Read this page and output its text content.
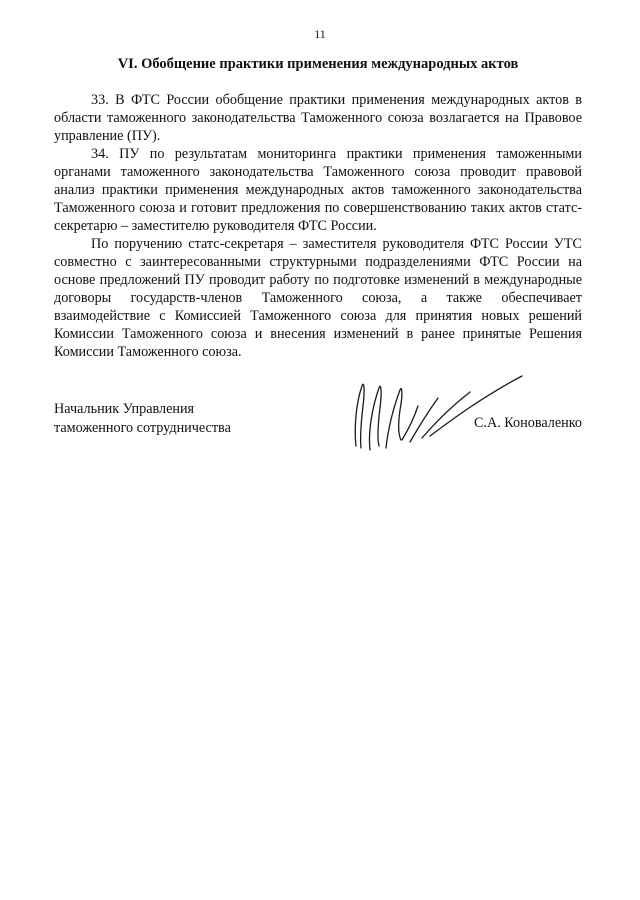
11
VI. Обобщение практики применения международных актов

33. В ФТС России обобщение практики применения международных актов в области таможенного законодательства Таможенного союза возлагается на Правовое управление (ПУ).

34. ПУ по результатам мониторинга практики применения таможенными органами таможенного законодательства Таможенного союза проводит правовой анализ практики применения международных актов таможенного законодательства Таможенного союза и готовит предложения по совершенствованию таких актов статс-секретарю – заместителю руководителя ФТС России.

По поручению статс-секретаря – заместителя руководителя ФТС России УТС совместно с заинтересованными структурными подразделениями ФТС России на основе предложений ПУ проводит работу по подготовке изменений в международные договоры государств-членов Таможенного союза, а также обеспечивает взаимодействие с Комиссией Таможенного союза для принятия новых решений Комиссии Таможенного союза и внесения изменений в ранее принятые Решения Комиссии Таможенного союза.

Начальник Управления
таможенного сотрудничества	С.А. Коноваленко
